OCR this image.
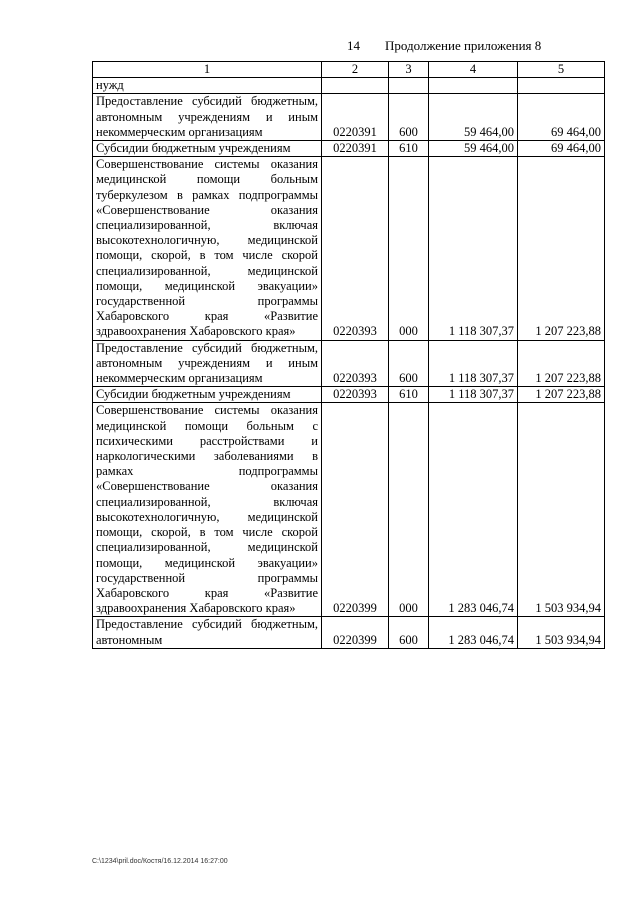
14 Продолжение приложения 8
1	2	3	4	5
нужд				
Предоставление субсидий бюджетным, автономным учреждениям и иным некоммерческим организациям	0220391	600	59 464,00	69 464,00
Субсидии бюджетным учреждениям	0220391	610	59 464,00	69 464,00
Совершенствование системы оказания медицинской помощи больным туберкулезом в рамках подпрограммы «Совершенствование оказания специализированной, включая высокотехнологичную, медицинской помощи, скорой, в том числе скорой специализированной, медицинской помощи, медицинской эвакуации» государственной программы Хабаровского края «Развитие здравоохранения Хабаровского края»	0220393	000	1 118 307,37	1 207 223,88
Предоставление субсидий бюджетным, автономным учреждениям и иным некоммерческим организациям	0220393	600	1 118 307,37	1 207 223,88
Субсидии бюджетным учреждениям	0220393	610	1 118 307,37	1 207 223,88
Совершенствование системы оказания медицинской помощи больным с психическими расстройствами и наркологическими заболеваниями в рамках подпрограммы «Совершенствование оказания специализированной, включая высокотехнологичную, медицинской помощи, скорой, в том числе скорой специализированной, медицинской помощи, медицинской эвакуации» государственной программы Хабаровского края «Развитие здравоохранения Хабаровского края»	0220399	000	1 283 046,74	1 503 934,94
Предоставление субсидий бюджетным, автономным	0220399	600	1 283 046,74	1 503 934,94
C:\1234\pril.doc/Костя/16.12.2014 16:27:00
